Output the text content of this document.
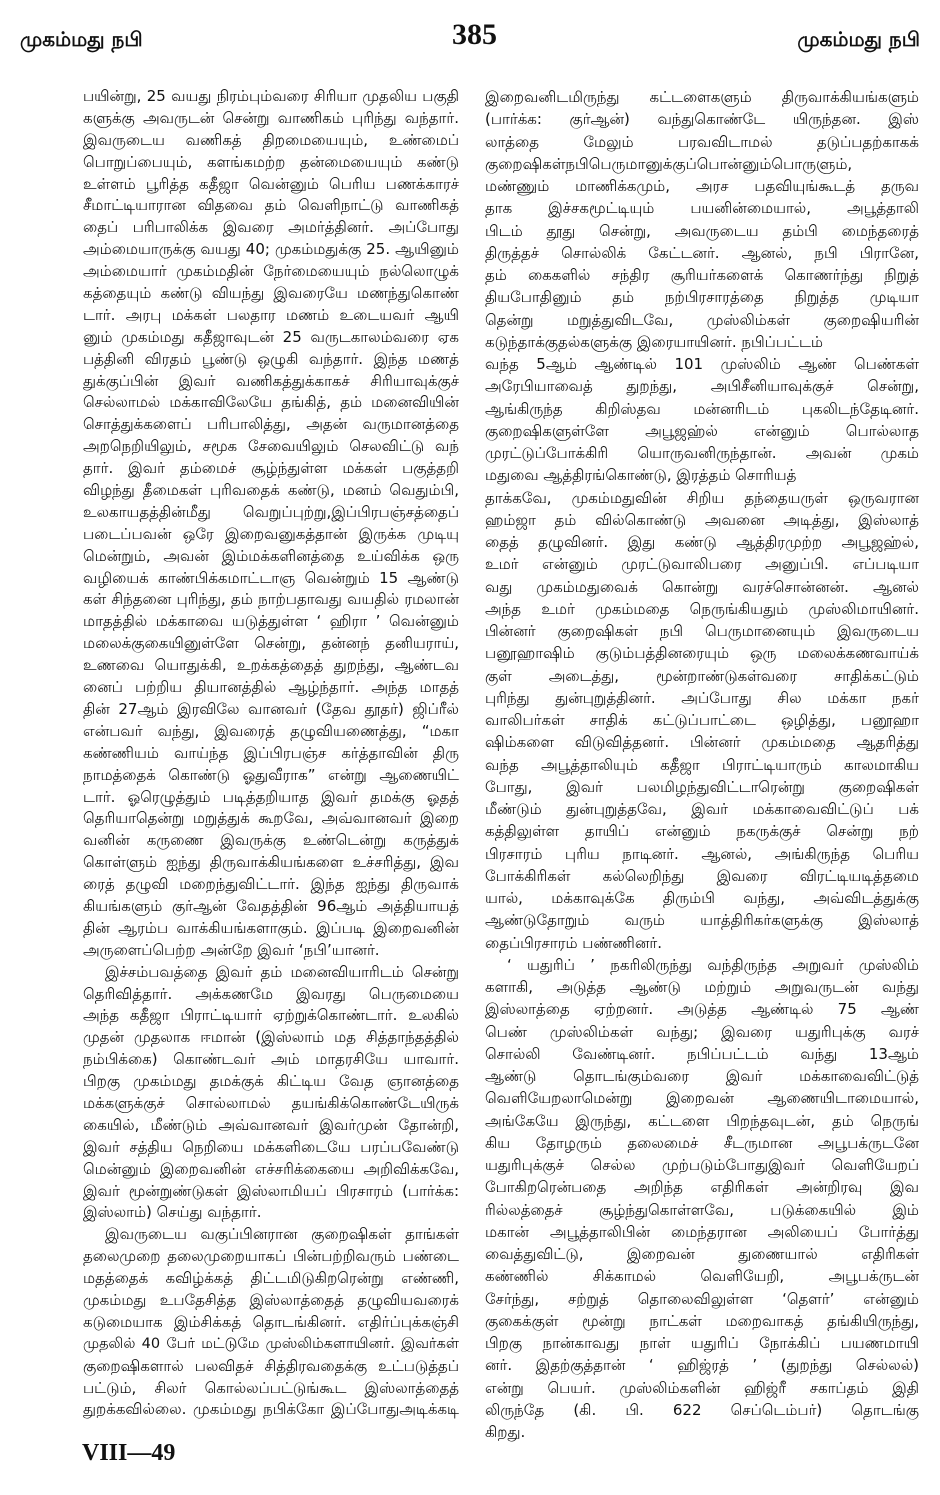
முகம்மது நபி	385	முகம்மது நபி
பயின்று, 25 வயது நிரம்பும்வரை சிரியா முதலிய பகுதி
களுக்கு அவருடன் சென்று வாணிகம் புரிந்து வந்தார்.
இவருடைய வணிகத் திறமையையும், உண்மைப்
பொறுப்பையும், களங்கமற்ற தன்மையையும் கண்டு
உள்ளம் பூரித்த கதீஜா வென்னும் பெரிய பணக்காரச்
சீமாட்டியாரான விதவை தம் வெளிநாட்டு வாணிகத்
தைப் பரிபாலிக்க இவரை அமர்த்தினர். அப்போது
அம்மையாருக்கு வயது 40; முகம்மதுக்கு 25. ஆயினும்
அம்மையார் முகம்மதின் நேர்மையையும் நல்லொழுக்
கத்தையும் கண்டு வியந்து இவரையே மணந்துகொண்
டார். அரபு மக்கள் பலதார மணம் உடையவர் ஆயி
னும் முகம்மது கதீஜாவுடன் 25 வருடகாலம்வரை ஏக
பத்தினி விரதம் பூண்டு ஒழுகி வந்தார். இந்த மணத்
துக்குப்பின் இவர் வணிகத்துக்காகச் சிரியாவுக்குச்
செல்லாமல் மக்காவிலேயே தங்கித், தம் மனைவியின்
சொத்துக்களைப் பரிபாலித்து, அதன் வருமானத்தை
அறநெறியிலும், சமூக சேவையிலும் செலவிட்டு வந்
தார். இவர் தம்மைச் சூழ்ந்துள்ள மக்கள் பகுத்தறி
விழந்து தீமைகள் புரிவதைக் கண்டு, மனம் வெதும்பி,
உலகாயதத்தின்மீது வெறுப்புற்று,இப்பிரபஞ்சத்தைப்
படைப்பவன் ஒரே இறைவனுகத்தான் இருக்க முடியு
மென்றும், அவன் இம்மக்களினத்தை உய்விக்க ஒரு
வழியைக் காண்பிக்கமாட்டாஞ வென்றும் 15 ஆண்டு
கள் சிந்தனை புரிந்து, தம் நாற்பதாவது வயதில் ரமலான்
மாதத்தில் மக்காவை யடுத்துள்ள ‘ ஹிரா ’ வென்னும்
மலைக்குகையினுள்ளே சென்று, தன்னந் தனியராய்,
உணவை யொதுக்கி, உறக்கத்தைத் துறந்து, ஆண்டவ
னைப் பற்றிய தியானத்தில் ஆழ்ந்தார். அந்த மாதத்
தின் 27ஆம் இரவிலே வானவர் (தேவ தூதர்) ஜிப்ரீல்
என்பவர் வந்து, இவரைத் தழுவியணைத்து, “மகா
கண்ணியம் வாய்ந்த இப்பிரபஞ்ச கர்த்தாவின் திரு
நாமத்தைக் கொண்டு ஓதுவீராக” என்று ஆணையிட்
டார். ஓரெழுத்தும் படித்தறியாத இவர் தமக்கு ஓதத்
தெரியாதென்று மறுத்துக் கூறவே, அவ்வானவர் இறை
வனின் கருணை இவருக்கு உண்டென்று கருத்துக்
கொள்ளும் ஐந்து திருவாக்கியங்களை உச்சரித்து, இவ
ரைத் தழுவி மறைந்துவிட்டார். இந்த ஐந்து திருவாக்
கியங்களும் குர்ஆன் வேதத்தின் 96ஆம் அத்தியாயத்
தின் ஆரம்ப வாக்கியங்களாகும். இப்படி இறைவனின்
அருளைப்பெற்ற அன்றே இவர் ‘நபி’யானர்.
இச்சம்பவத்தை இவர் தம் மனைவியாரிடம் சென்று
தெரிவித்தார். அக்கணமே இவரது பெருமையை
அந்த கதீஜா பிராட்டியார் ஏற்றுக்கொண்டார். உலகில்
முதன் முதலாக ஈமான் (இஸ்லாம் மத சித்தாந்தத்தில்
நம்பிக்கை) கொண்டவர் அம் மாதரசியே யாவார்.
பிறகு முகம்மது தமக்குக் கிட்டிய வேத ஞானத்தை
மக்களுக்குச் சொல்லாமல் தயங்கிக்கொண்டேயிருக்
கையில், மீண்டும் அவ்வானவர் இவர்முன் தோன்றி,
இவர் சத்திய நெறியை மக்களிடையே பரப்பவேண்டு
மென்னும் இறைவனின் எச்சரிக்கையை அறிவிக்கவே,
இவர் மூன்றுண்டுகள் இஸ்லாமியப் பிரசாரம் (பார்க்க:
இஸ்லாம்) செய்து வந்தார்.
இவருடைய வகுப்பினரான குறைஷிகள் தாங்கள்
தலைமுறை தலைமுறையாகப் பின்பற்றிவரும் பண்டை
மதத்தைக் கவிழ்க்கத் திட்டமிடுகிறரென்று எண்ணி,
முகம்மது உபதேசித்த இஸ்லாத்தைத் தழுவியவரைக்
கடுமையாக இம்சிக்கத் தொடங்கினர். எதிர்ப்புக்கஞ்சி
முதலில் 40 பேர் மட்டுமே முஸ்லிம்களாயினர். இவர்கள்
குறைஷிகளால் பலவிதச் சித்திரவதைக்கு உட்படுத்தப்
பட்டும், சிலர் கொல்லப்பட்டுங்கூட இஸ்லாத்தைத்
துறக்கவில்லை. முகம்மது நபிக்கோ இப்போதுஅடிக்கடி
இறைவனிடமிருந்து கட்டளைகளும் திருவாக்கியங்களும்
(பார்க்க: குர்ஆன்) வந்துகொண்டே யிருந்தன. இஸ்
லாத்தை மேலும் பரவவிடாமல் தடுப்பதற்காகக்
குறைஷிகள்நபிபெருமானுக்குப்பொன்னும்பொருளும்,
மண்ணும் மாணிக்கமும், அரச பதவியுங்கூடத் தருவ
தாக இச்சகமூட்டியும் பயனின்மையால், அபூத்தாலி
பிடம் தூது சென்று, அவருடைய தம்பி மைந்தரைத்
திருத்தச் சொல்லிக் கேட்டனர். ஆனல், நபி பிரானே,
தம் கைகளில் சந்திர சூரியர்களைக் கொணர்ந்து நிறுத்
தியபோதினும் தம் நற்பிரசாரத்தை நிறுத்த முடியா
தென்று மறுத்துவிடவே, முஸ்லிம்கள் குறைஷியரின்
கடுந்தாக்குதல்களுக்கு இரையாயினர். நபிப்பட்டம்
வந்த 5ஆம் ஆண்டில் 101 முஸ்லிம் ஆண் பெண்கள்
அரேபியாவைத் துறந்து, அபிசீனியாவுக்குச் சென்று,
ஆங்கிருந்த கிறிஸ்தவ மன்னரிடம் புகலிடந்தேடினர்.
குறைஷிகளுள்ளே அபூஜஹ்ல் என்னும் பொல்லாத
முரட்டுப்போக்கிரி யொருவனிருந்தான். அவன் முகம்
மதுவை ஆத்திரங்கொண்டு, இரத்தம் சொரியத்
தாக்கவே, முகம்மதுவின் சிறிய தந்தையருள் ஒருவரான
ஹம்ஜா தம் வில்கொண்டு அவனை அடித்து, இஸ்லாத்
தைத் தழுவினர். இது கண்டு ஆத்திரமுற்ற அபூஜஹ்ல்,
உமர் என்னும் முரட்டுவாலிபரை அனுப்பி. எப்படியா
வது முகம்மதுவைக் கொன்று வரச்சொன்னன். ஆனல்
அந்த உமர் முகம்மதை நெருங்கியதும் முஸ்லிமாயினர்.
பின்னர் குறைஷிகள் நபி பெருமானையும் இவருடைய
பனூஹாஷிம் குடும்பத்தினரையும் ஒரு மலைக்கணவாய்க்
குள் அடைத்து, மூன்றாண்டுகள்வரை சாதிக்கட்டும்
புரிந்து துன்புறுத்தினர். அப்போது சில மக்கா நகர்
வாலிபர்கள் சாதிக் கட்டுப்பாட்டை ஒழித்து, பனூஹா
ஷிம்களை விடுவித்தனர். பின்னர் முகம்மதை ஆதரித்து
வந்த அபூத்தாலியும் கதீஜா பிராட்டியாரும் காலமாகிய
போது, இவர் பலமிழந்துவிட்டாரென்று குறைஷிகள்
மீண்டும் துன்புறுத்தவே, இவர் மக்காவைவிட்டுப் பக்
கத்திலுள்ள தாயிப் என்னும் நகருக்குச் சென்று நற்
பிரசாரம் புரிய நாடினர். ஆனல், அங்கிருந்த பெரிய
போக்கிரிகள் கல்லெறிந்து இவரை விரட்டியடித்தமை
யால், மக்காவுக்கே திரும்பி வந்து, அவ்விடத்துக்கு
ஆண்டுதோறும் வரும் யாத்திரிகர்களுக்கு இஸ்லாத்
தைப்பிரசாரம் பண்ணினர்.
‘ யதுரிப் ’ நகரிலிருந்து வந்திருந்த அறுவர் முஸ்லிம்
களாகி, அடுத்த ஆண்டு மற்றும் அறுவருடன் வந்து
இஸ்லாத்தை ஏற்றனர். அடுத்த ஆண்டில் 75 ஆண்
பெண் முஸ்லிம்கள் வந்து; இவரை யதுரிபுக்கு வரச்
சொல்லி வேண்டினர். நபிப்பட்டம் வந்து 13ஆம்
ஆண்டு தொடங்கும்வரை இவர் மக்காவைவிட்டுத்
வெளியேறலாமென்று இறைவன் ஆணையிடாமையால்,
அங்கேயே இருந்து, கட்டளை பிறந்தவுடன், தம் நெருங்
கிய தோழரும் தலைமைச் சீடருமான அபூபக்ருடனே
யதுரிபுக்குச் செல்ல முற்படும்போதுஇவர் வெளியேறப்
போகிறரென்பதை அறிந்த எதிரிகள் அன்றிரவு இவ
ரில்லத்தைச் சூழ்ந்துகொள்ளவே, படுக்கையில் இம்
மகான் அபூத்தாலிபின் மைந்தரான அலியைப் போர்த்து
வைத்துவிட்டு, இறைவன் துணையால் எதிரிகள்
கண்ணில் சிக்காமல் வெளியேறி, அபூபக்ருடன்
சேர்ந்து, சற்றுத் தொலைவிலுள்ள ‘தெளர்’ என்னும்
குகைக்குள் மூன்று நாட்கள் மறைவாகத் தங்கியிருந்து,
பிறகு நான்காவது நாள் யதுரிப் நோக்கிப் பயணமாயி
னர். இதற்குத்தான் ‘ ஹிஜ்ரத் ’ (துறந்து செல்லல்)
என்று பெயர். முஸ்லிம்களின் ஹிஜ்ரீ சகாப்தம் இதி
லிருந்தே (கி. பி. 622 செப்டெம்பர்) தொடங்கு
கிறது.
VIII—49
